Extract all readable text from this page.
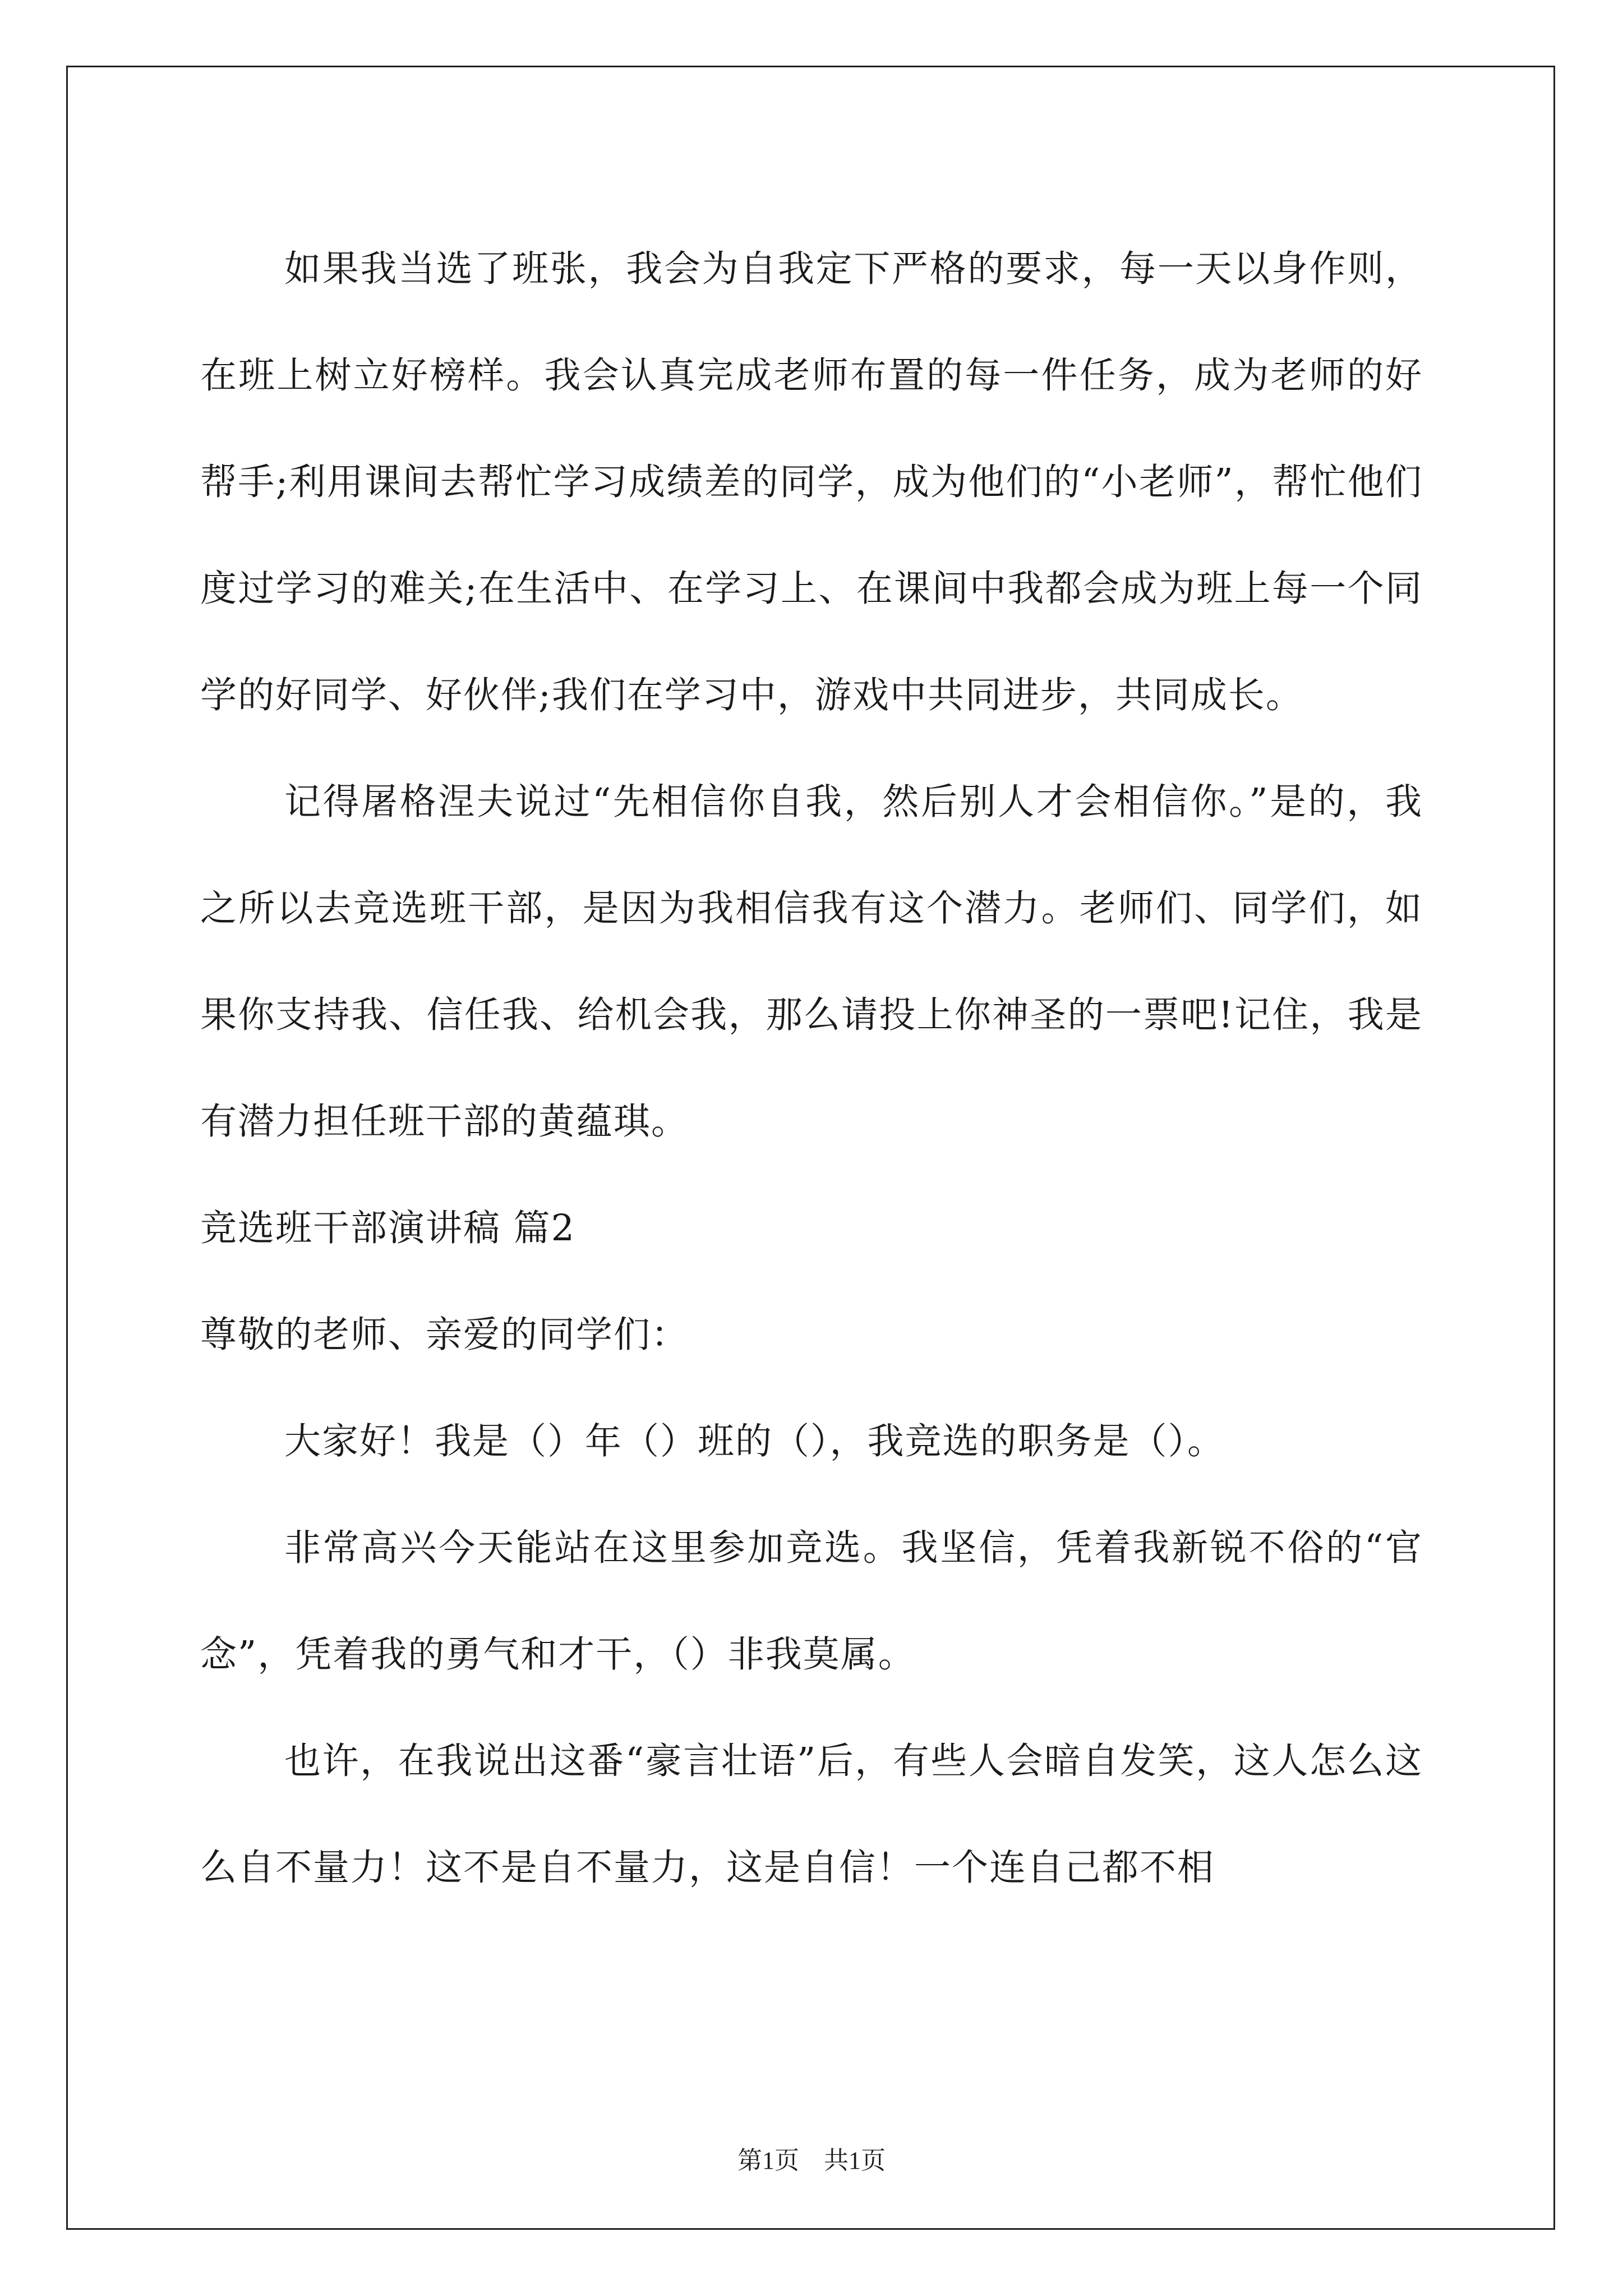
如果我当选了班张，我会为自我定下严格的要求，每一天以身作则，在班上树立好榜样。我会认真完成老师布置的每一件任务，成为老师的好帮手;利用课间去帮忙学习成绩差的同学，成为他们的“小老师”，帮忙他们度过学习的难关;在生活中、在学习上、在课间中我都会成为班上每一个同学的好同学、好伙伴;我们在学习中，游戏中共同进步，共同成长。

记得屠格涅夫说过“先相信你自我，然后别人才会相信你。”是的，我之所以去竞选班干部，是因为我相信我有这个潜力。老师们、同学们，如果你支持我、信任我、给机会我，那么请投上你神圣的一票吧!记住，我是有潜力担任班干部的黄蕴琪。

竞选班干部演讲稿 篇2

尊敬的老师、亲爱的同学们：

大家好！我是（）年（）班的（），我竞选的职务是（）。

非常高兴今天能站在这里参加竞选。我坚信，凭着我新锐不俗的“官念”，凭着我的勇气和才干，（）非我莫属。

也许，在我说出这番“豪言壮语”后，有些人会暗自发笑，这人怎么这么自不量力！这不是自不量力，这是自信！一个连自己都不相

第1页　共1页
